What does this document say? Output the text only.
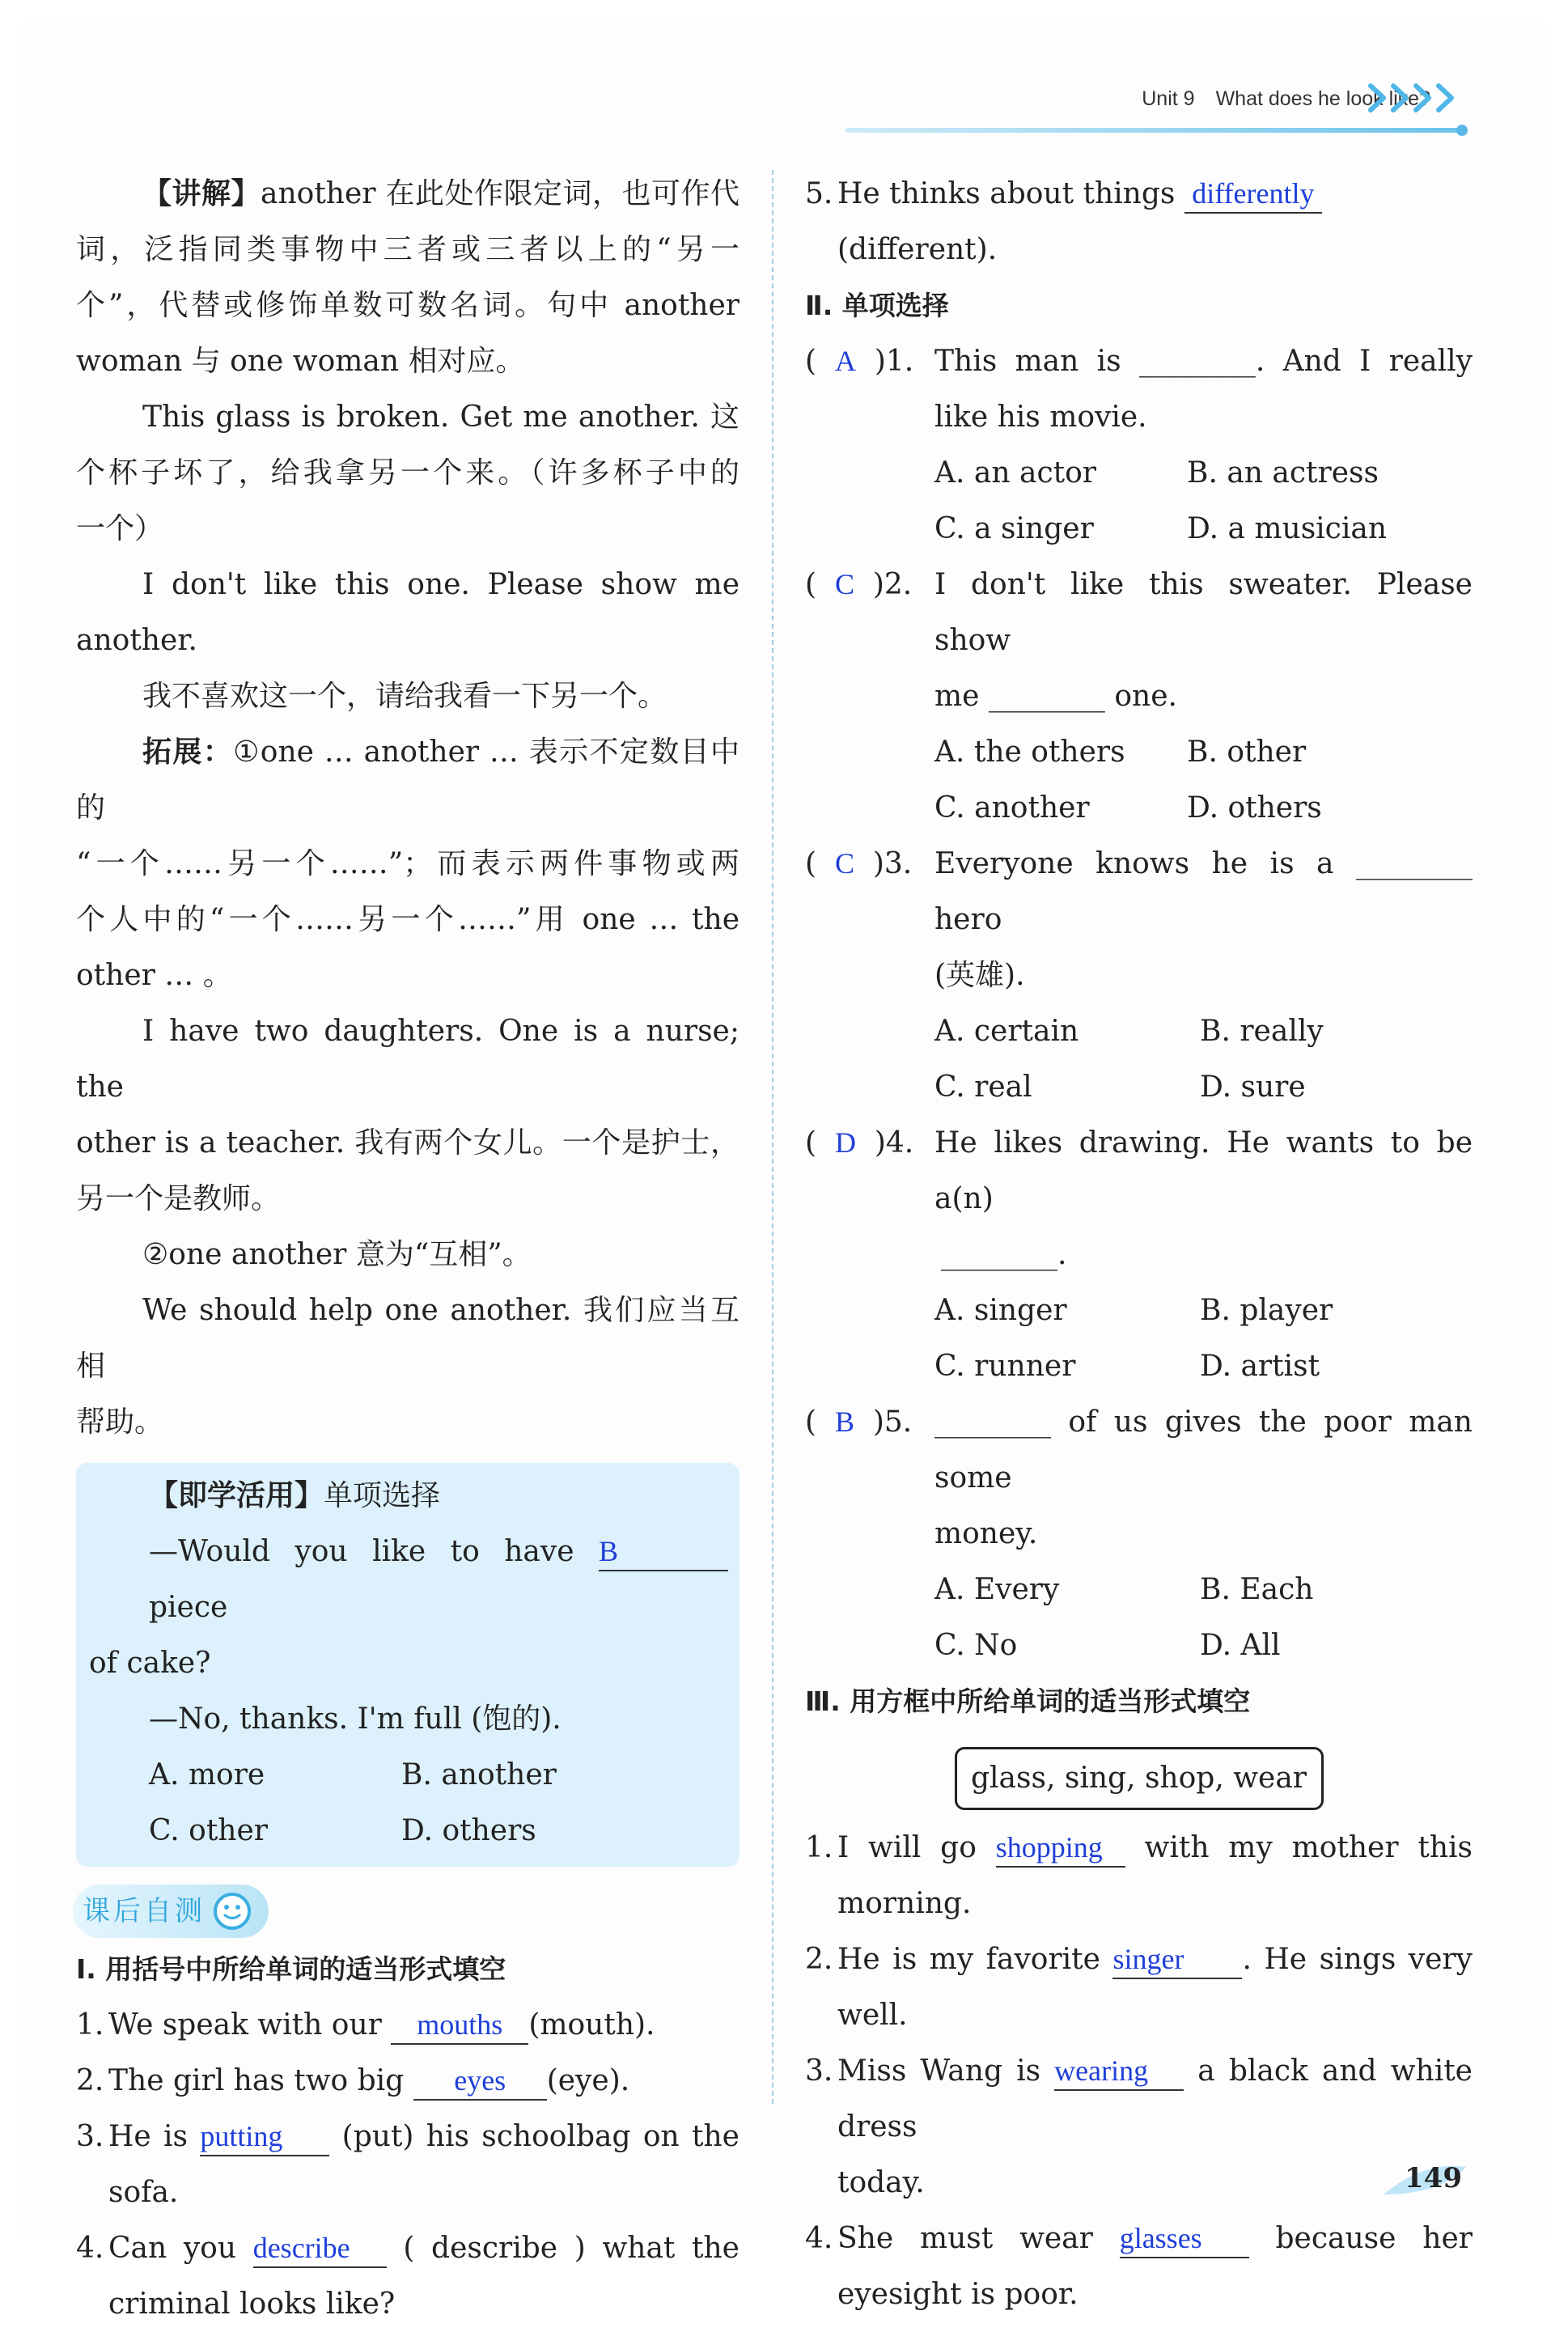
Unit 9 What does he look like?

【讲解】another 在此处作限定词，也可作代

词，泛指同类事物中三者或三者以上的“另一

个”，代替或修饰单数可数名词。句中 another

woman 与 one woman 相对应。

This glass is broken. Get me another. 这

个杯子坏了，给我拿另一个来。（许多杯子中的

一个）

I don't like this one. Please show me

another.

我不喜欢这一个，请给我看一下另一个。

拓展：①one … another … 表示不定数目中的

“一个……另一个……”；而表示两件事物或两

个人中的“一个……另一个……”用 one … the

other … 。

I have two daughters. One is a nurse; the

other is a teacher. 我有两个女儿。一个是护士，

另一个是教师。

②one another 意为“互相”。

We should help one another. 我们应当互相

帮助。

【即学活用】单项选择

—Would you like to have B piece

of cake?

—No, thanks. I'm full (饱的).

A. more	B. another

C. other	D. others

课后自测

Ⅰ. 用括号中所给单词的适当形式填空

1. We speak with our mouths (mouth).
2. The girl has two big eyes (eye).
3. He is putting (put) his schoolbag on the

sofa.

4. Can you describe ( describe ) what the

criminal looks like?

5. He thinks about things differently(different).

Ⅱ. 单项选择

(  A )1. This man is ________. And I really

like his movie.

A. an actor	B. an actress
C. a singer	D. a musician
(  C )2. I don't like this sweater. Please show

me ________ one.

A. the others	B. other
C. another	D. others
(  C )3. Everyone knows he is a ________ hero

(英雄).

A. certain	B. really
C. real	D. sure
(  D )4. He likes drawing. He wants to be a(n)

________.

A. singer	B. player
C. runner	D. artist
(  B )5. ________ of us gives the poor man some

money.

A. Every	B. Each
C. No	D. All

Ⅲ. 用方框中所给单词的适当形式填空

glass, sing, shop, wear
1. I will go shopping with my mother this

morning.

2. He is my favorite singer . He sings very

well.

3. Miss Wang is wearing a black and white dress

today.

4. She must wear glasses	because her

eyesight is poor.

149
